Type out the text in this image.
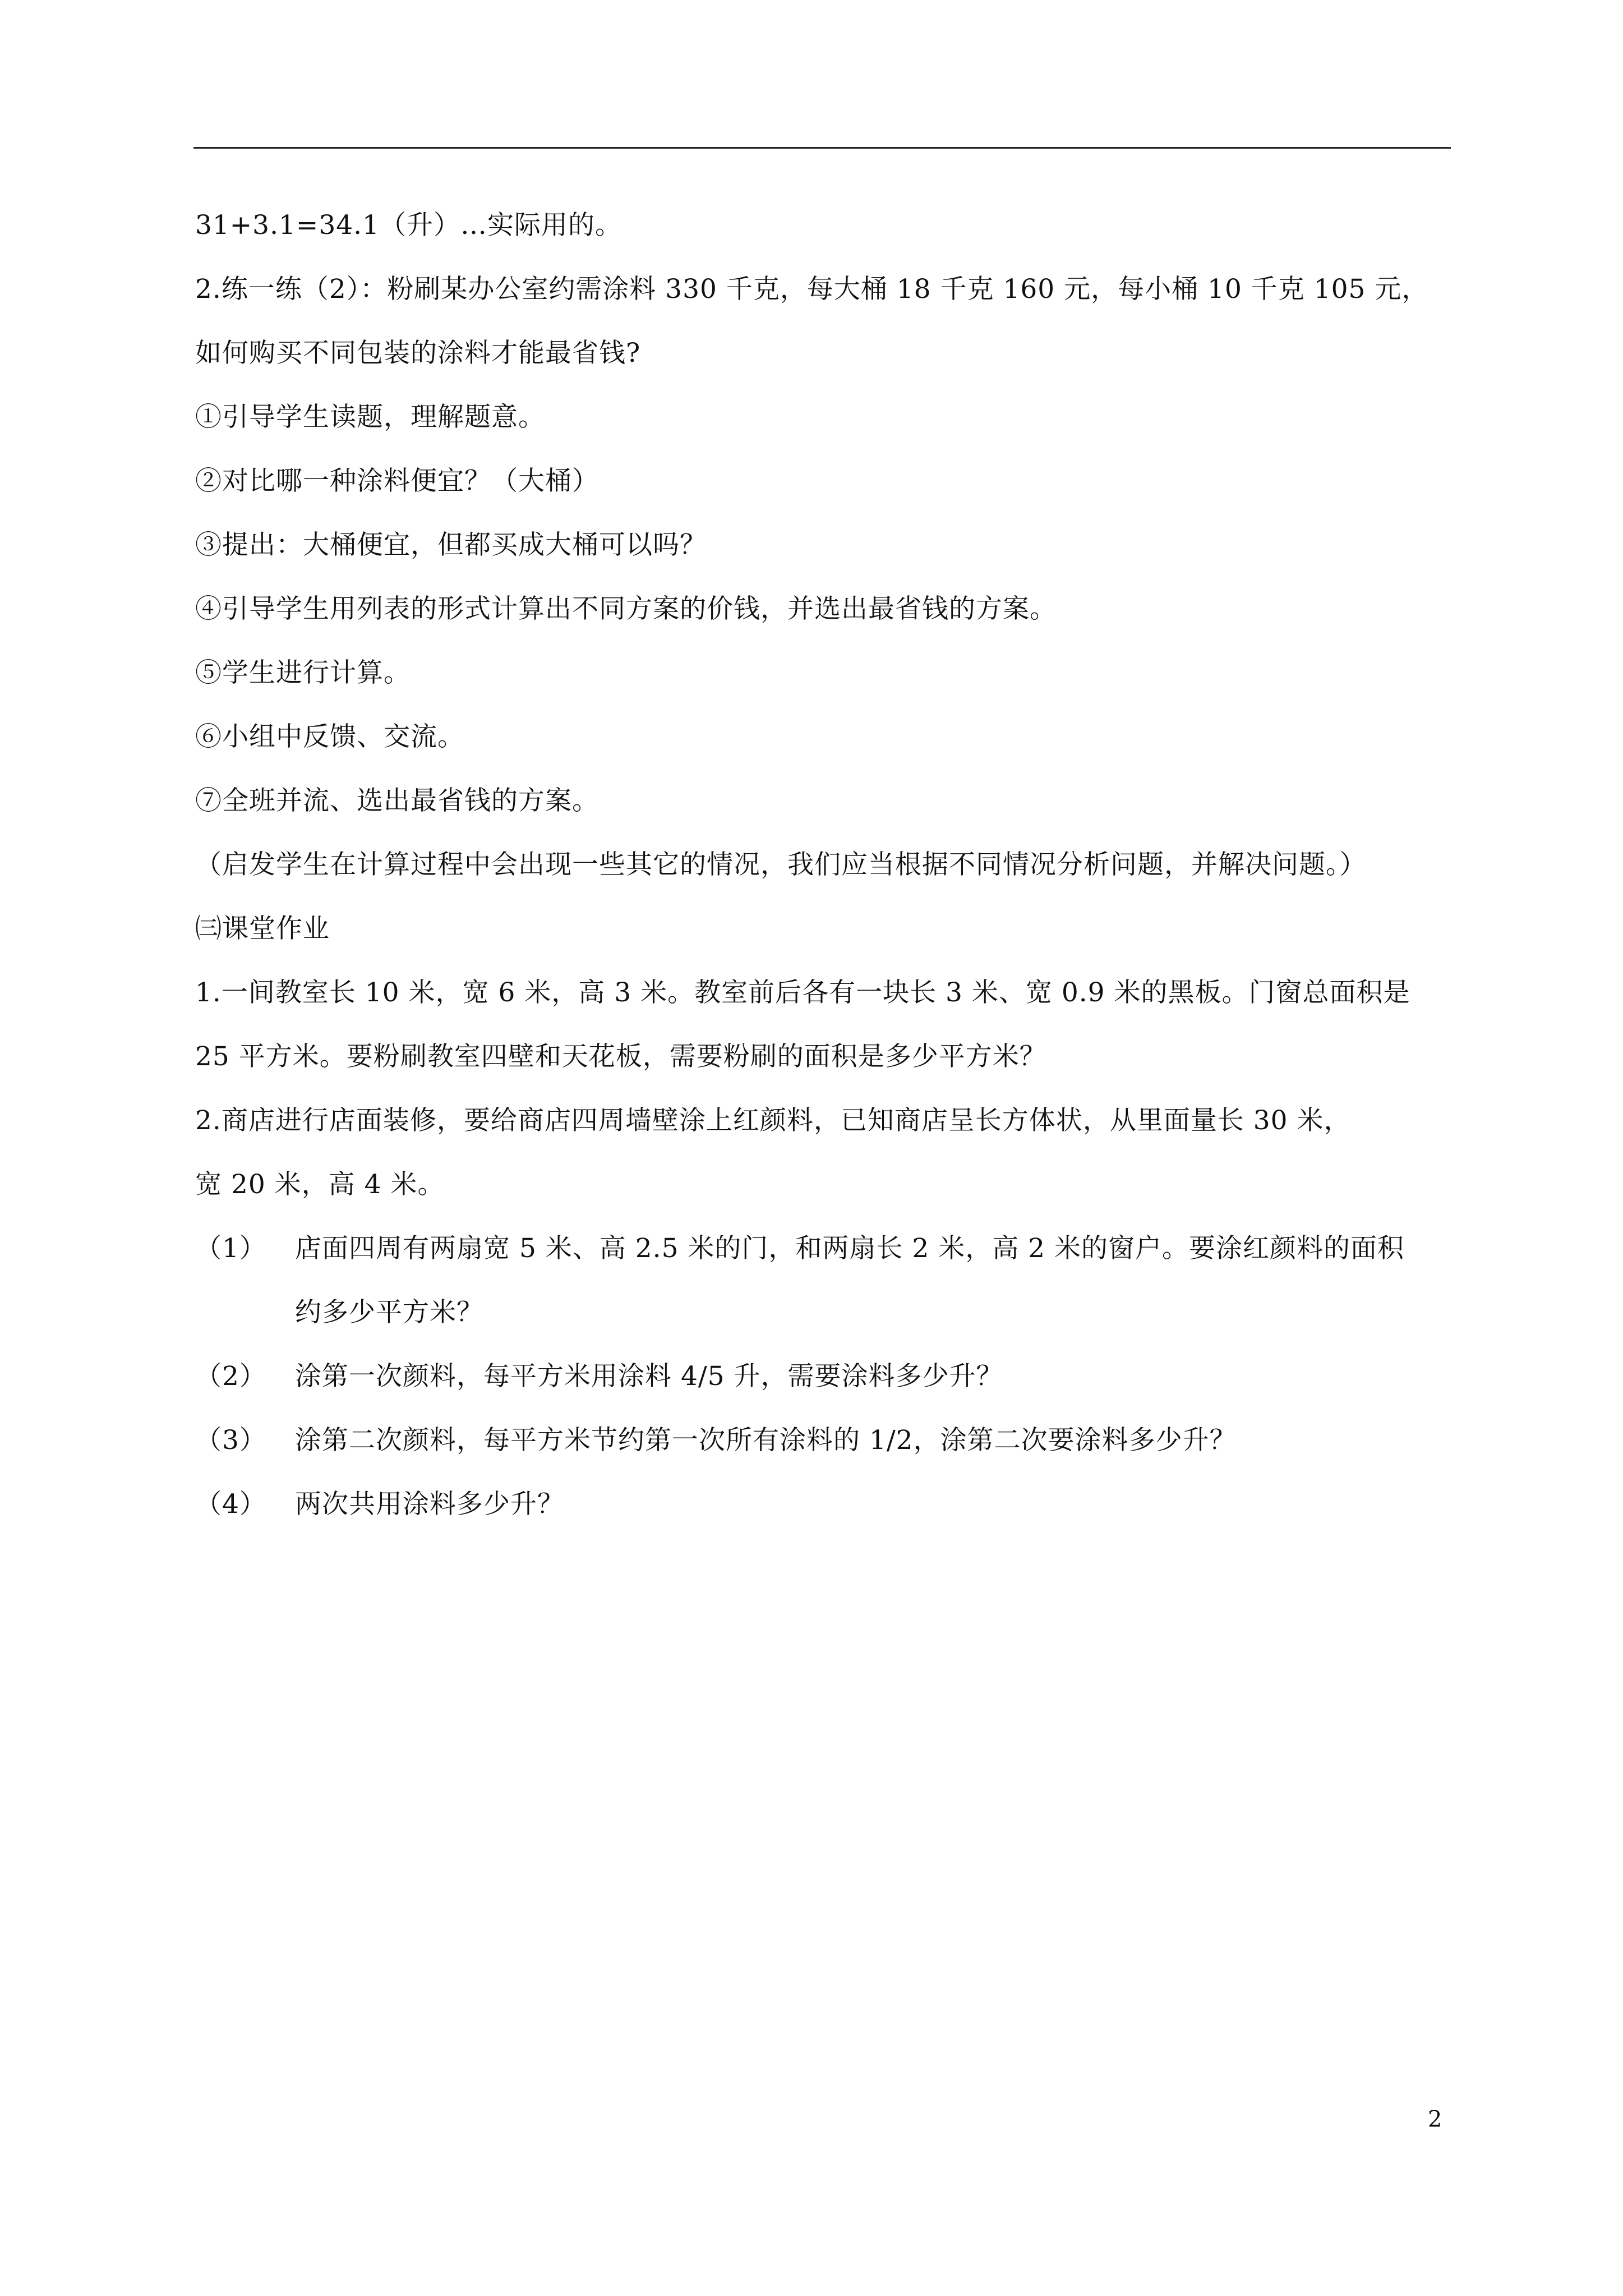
31+3.1=34.1（升）…实际用的。
2.练一练（2）：粉刷某办公室约需涂料 330 千克，每大桶 18 千克 160 元，每小桶 10 千克 105 元，
如何购买不同包装的涂料才能最省钱?
①引导学生读题，理解题意。
②对比哪一种涂料便宜？（大桶）
③提出：大桶便宜，但都买成大桶可以吗？
④引导学生用列表的形式计算出不同方案的价钱，并选出最省钱的方案。
⑤学生进行计算。
⑥小组中反馈、交流。
⑦全班并流、选出最省钱的方案。
（启发学生在计算过程中会出现一些其它的情况，我们应当根据不同情况分析问题，并解决问题。）
㈢课堂作业
1.一间教室长 10 米，宽 6 米，高 3 米。教室前后各有一块长 3 米、宽 0.9 米的黑板。门窗总面积是
25 平方米。要粉刷教室四壁和天花板，需要粉刷的面积是多少平方米？
2.商店进行店面装修，要给商店四周墙壁涂上红颜料，已知商店呈长方体状，从里面量长 30 米，
宽 20 米，高 4 米。
（1） 店面四周有两扇宽 5 米、高 2.5 米的门，和两扇长 2 米，高 2 米的窗户。要涂红颜料的面积
约多少平方米？
（2） 涂第一次颜料，每平方米用涂料 4/5 升，需要涂料多少升？
（3） 涂第二次颜料，每平方米节约第一次所有涂料的 1/2，涂第二次要涂料多少升？
（4） 两次共用涂料多少升？
2
